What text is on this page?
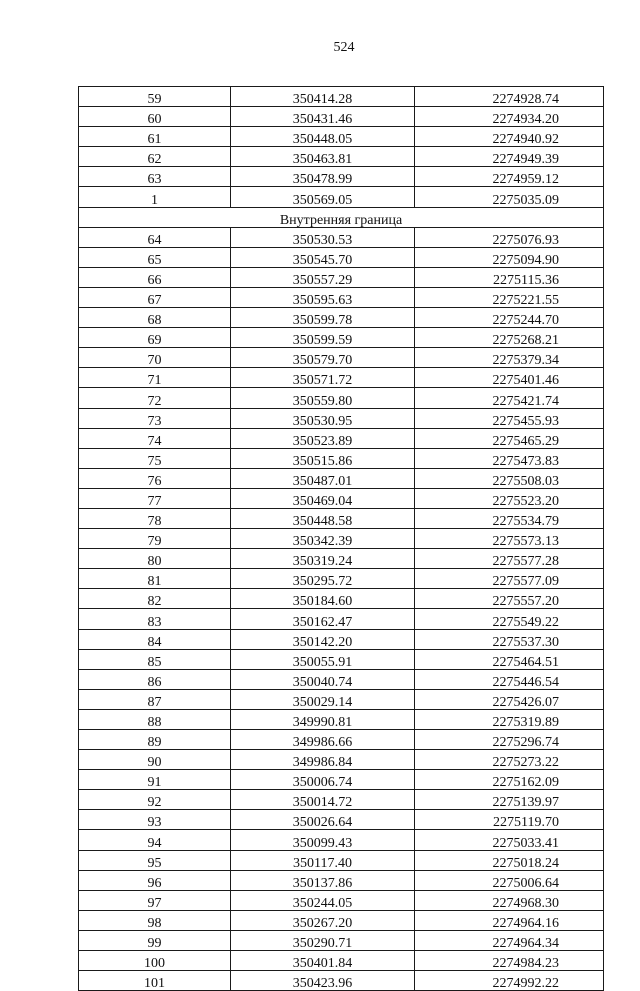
524
59	350414.28	2274928.74
60	350431.46	2274934.20
61	350448.05	2274940.92
62	350463.81	2274949.39
63	350478.99	2274959.12
1	350569.05	2275035.09
Внутренняя граница		
64	350530.53	2275076.93
65	350545.70	2275094.90
66	350557.29	2275115.36
67	350595.63	2275221.55
68	350599.78	2275244.70
69	350599.59	2275268.21
70	350579.70	2275379.34
71	350571.72	2275401.46
72	350559.80	2275421.74
73	350530.95	2275455.93
74	350523.89	2275465.29
75	350515.86	2275473.83
76	350487.01	2275508.03
77	350469.04	2275523.20
78	350448.58	2275534.79
79	350342.39	2275573.13
80	350319.24	2275577.28
81	350295.72	2275577.09
82	350184.60	2275557.20
83	350162.47	2275549.22
84	350142.20	2275537.30
85	350055.91	2275464.51
86	350040.74	2275446.54
87	350029.14	2275426.07
88	349990.81	2275319.89
89	349986.66	2275296.74
90	349986.84	2275273.22
91	350006.74	2275162.09
92	350014.72	2275139.97
93	350026.64	2275119.70
94	350099.43	2275033.41
95	350117.40	2275018.24
96	350137.86	2275006.64
97	350244.05	2274968.30
98	350267.20	2274964.16
99	350290.71	2274964.34
100	350401.84	2274984.23
101	350423.96	2274992.22
